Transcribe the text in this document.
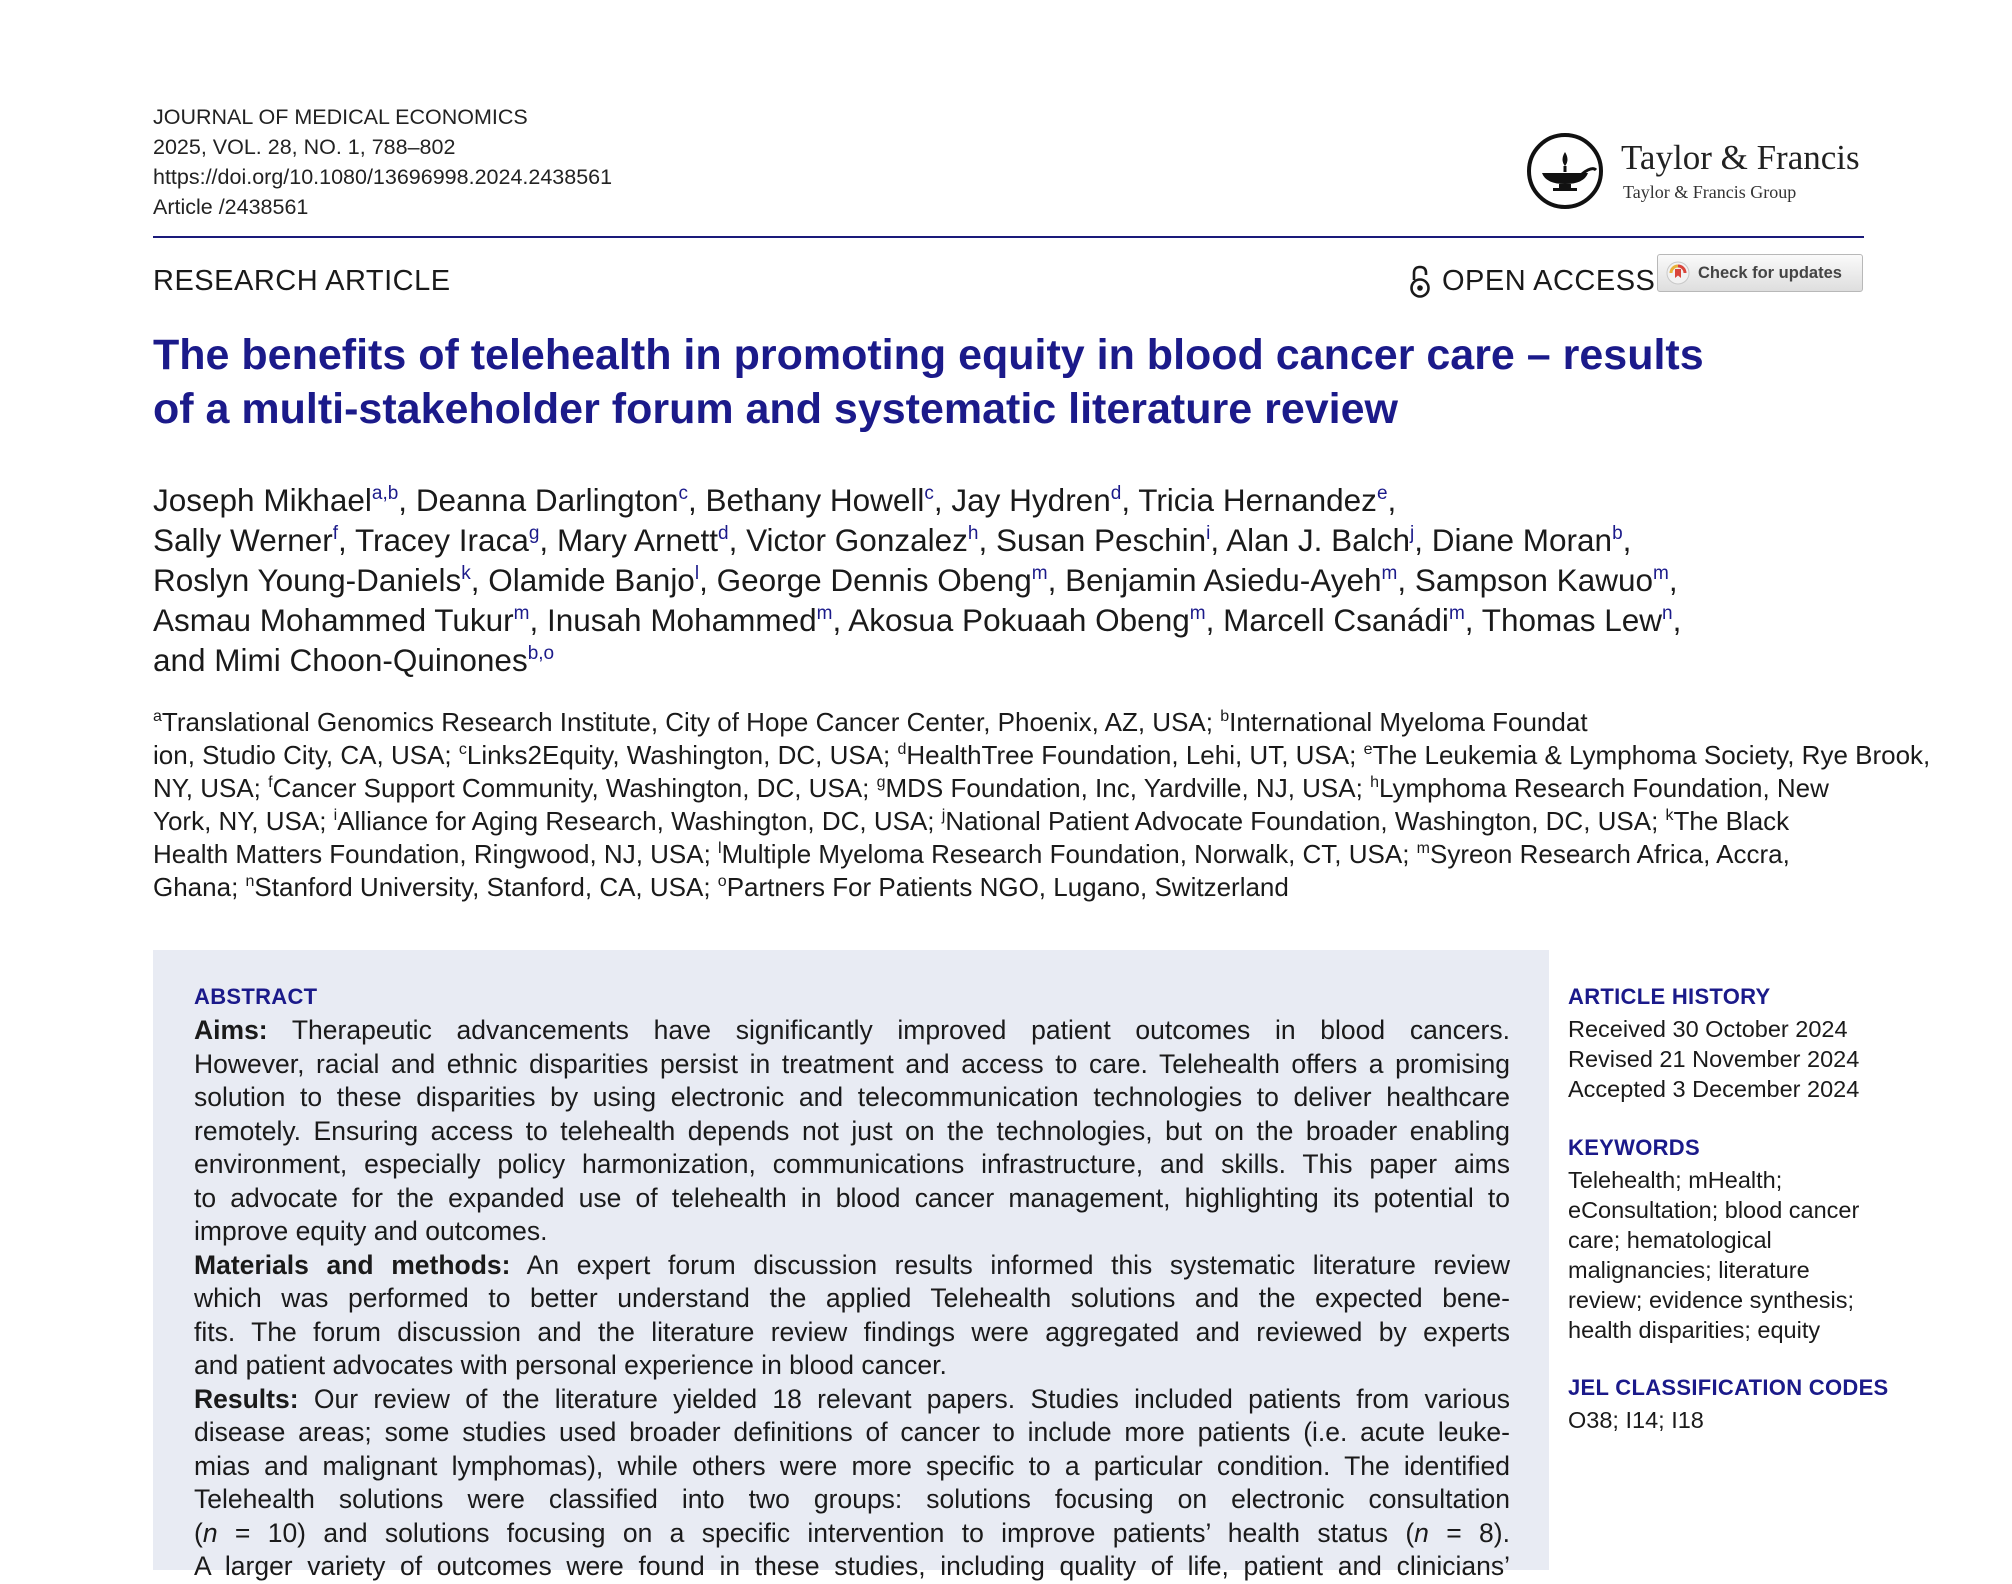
JOURNAL OF MEDICAL ECONOMICS
2025, VOL. 28, NO. 1, 788–802
https://doi.org/10.1080/13696998.2024.2438561
Article /2438561
Taylor & Francis
Taylor & Francis Group
RESEARCH ARTICLE	OPEN ACCESS	Check for updates
The benefits of telehealth in promoting equity in blood cancer care – results
of a multi-stakeholder forum and systematic literature review
Joseph Mikhael$^{a,b}$, Deanna Darlington$^c$, Bethany Howell$^c$, Jay Hydren$^d$, Tricia Hernandez$^e$,
Sally Werner$^f$, Tracey Iraca$^g$, Mary Arnett$^d$, Victor Gonzalez$^h$, Susan Peschin$^i$, Alan J. Balch$^j$, Diane Moran$^b$,
Roslyn Young-Daniels$^k$, Olamide Banjo$^l$, George Dennis Obeng$^m$, Benjamin Asiedu-Ayeh$^m$, Sampson Kawuo$^m$,
Asmau Mohammed Tukur$^m$, Inusah Mohammed$^m$, Akosua Pokuaah Obeng$^m$, Marcell Csanádi$^m$, Thomas Lew$^n$,
and Mimi Choon-Quinones$^{b,o}$
$^a$Translational Genomics Research Institute, City of Hope Cancer Center, Phoenix, AZ, USA; $^b$International Myeloma Foundat
ion, Studio City, CA, USA; $^c$Links2Equity, Washington, DC, USA; $^d$HealthTree Foundation, Lehi, UT, USA; $^e$The Leukemia & Lymphoma Society, Rye Brook,
NY, USA; $^f$Cancer Support Community, Washington, DC, USA; $^g$MDS Foundation, Inc, Yardville, NJ, USA; $^h$Lymphoma Research Foundation, New
York, NY, USA; $^i$Alliance for Aging Research, Washington, DC, USA; $^j$National Patient Advocate Foundation, Washington, DC, USA; $^k$The Black
Health Matters Foundation, Ringwood, NJ, USA; $^l$Multiple Myeloma Research Foundation, Norwalk, CT, USA; $^m$Syreon Research Africa, Accra,
Ghana; $^n$Stanford University, Stanford, CA, USA; $^o$Partners For Patients NGO, Lugano, Switzerland
ABSTRACT
Aims: Therapeutic advancements have significantly improved patient outcomes in blood cancers.
However, racial and ethnic disparities persist in treatment and access to care. Telehealth offers a promising
solution to these disparities by using electronic and telecommunication technologies to deliver healthcare
remotely. Ensuring access to telehealth depends not just on the technologies, but on the broader enabling
environment, especially policy harmonization, communications infrastructure, and skills. This paper aims
to advocate for the expanded use of telehealth in blood cancer management, highlighting its potential to
improve equity and outcomes.
Materials and methods: An expert forum discussion results informed this systematic literature review
which was performed to better understand the applied Telehealth solutions and the expected bene-
fits. The forum discussion and the literature review findings were aggregated and reviewed by experts
and patient advocates with personal experience in blood cancer.
Results: Our review of the literature yielded 18 relevant papers. Studies included patients from various
disease areas; some studies used broader definitions of cancer to include more patients (i.e. acute leuke-
mias and malignant lymphomas), while others were more specific to a particular condition. The identified
Telehealth solutions were classified into two groups: solutions focusing on electronic consultation
(n = 10) and solutions focusing on a specific intervention to improve patients’ health status (n = 8).
A larger variety of outcomes were found in these studies, including quality of life, patient and clinicians’
ARTICLE HISTORY
Received 30 October 2024
Revised 21 November 2024
Accepted 3 December 2024
KEYWORDS
Telehealth; mHealth;
eConsultation; blood cancer
care; hematological
malignancies; literature
review; evidence synthesis;
health disparities; equity
JEL CLASSIFICATION CODES
O38; I14; I18
